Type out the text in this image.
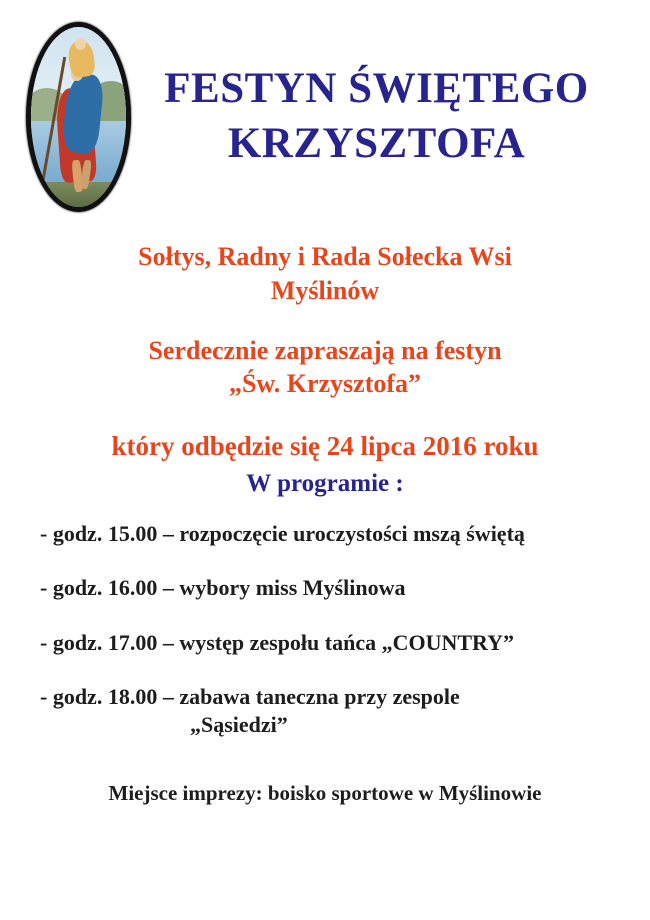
FESTYN ŚWIĘTEGO
KRZYSZTOFA
Sołtys, Radny i Rada Sołecka Wsi
Myślinów
Serdecznie zapraszają na festyn
„Św. Krzysztofa”
który odbędzie się 24 lipca 2016 roku
W programie :
- godz. 15.00 – rozpoczęcie uroczystości mszą świętą
- godz. 16.00 – wybory miss Myślinowa
- godz. 17.00 – występ zespołu tańca „COUNTRY”
- godz. 18.00 – zabawa taneczna przy zespole
„Sąsiedzi”
Miejsce imprezy: boisko sportowe w Myślinowie
